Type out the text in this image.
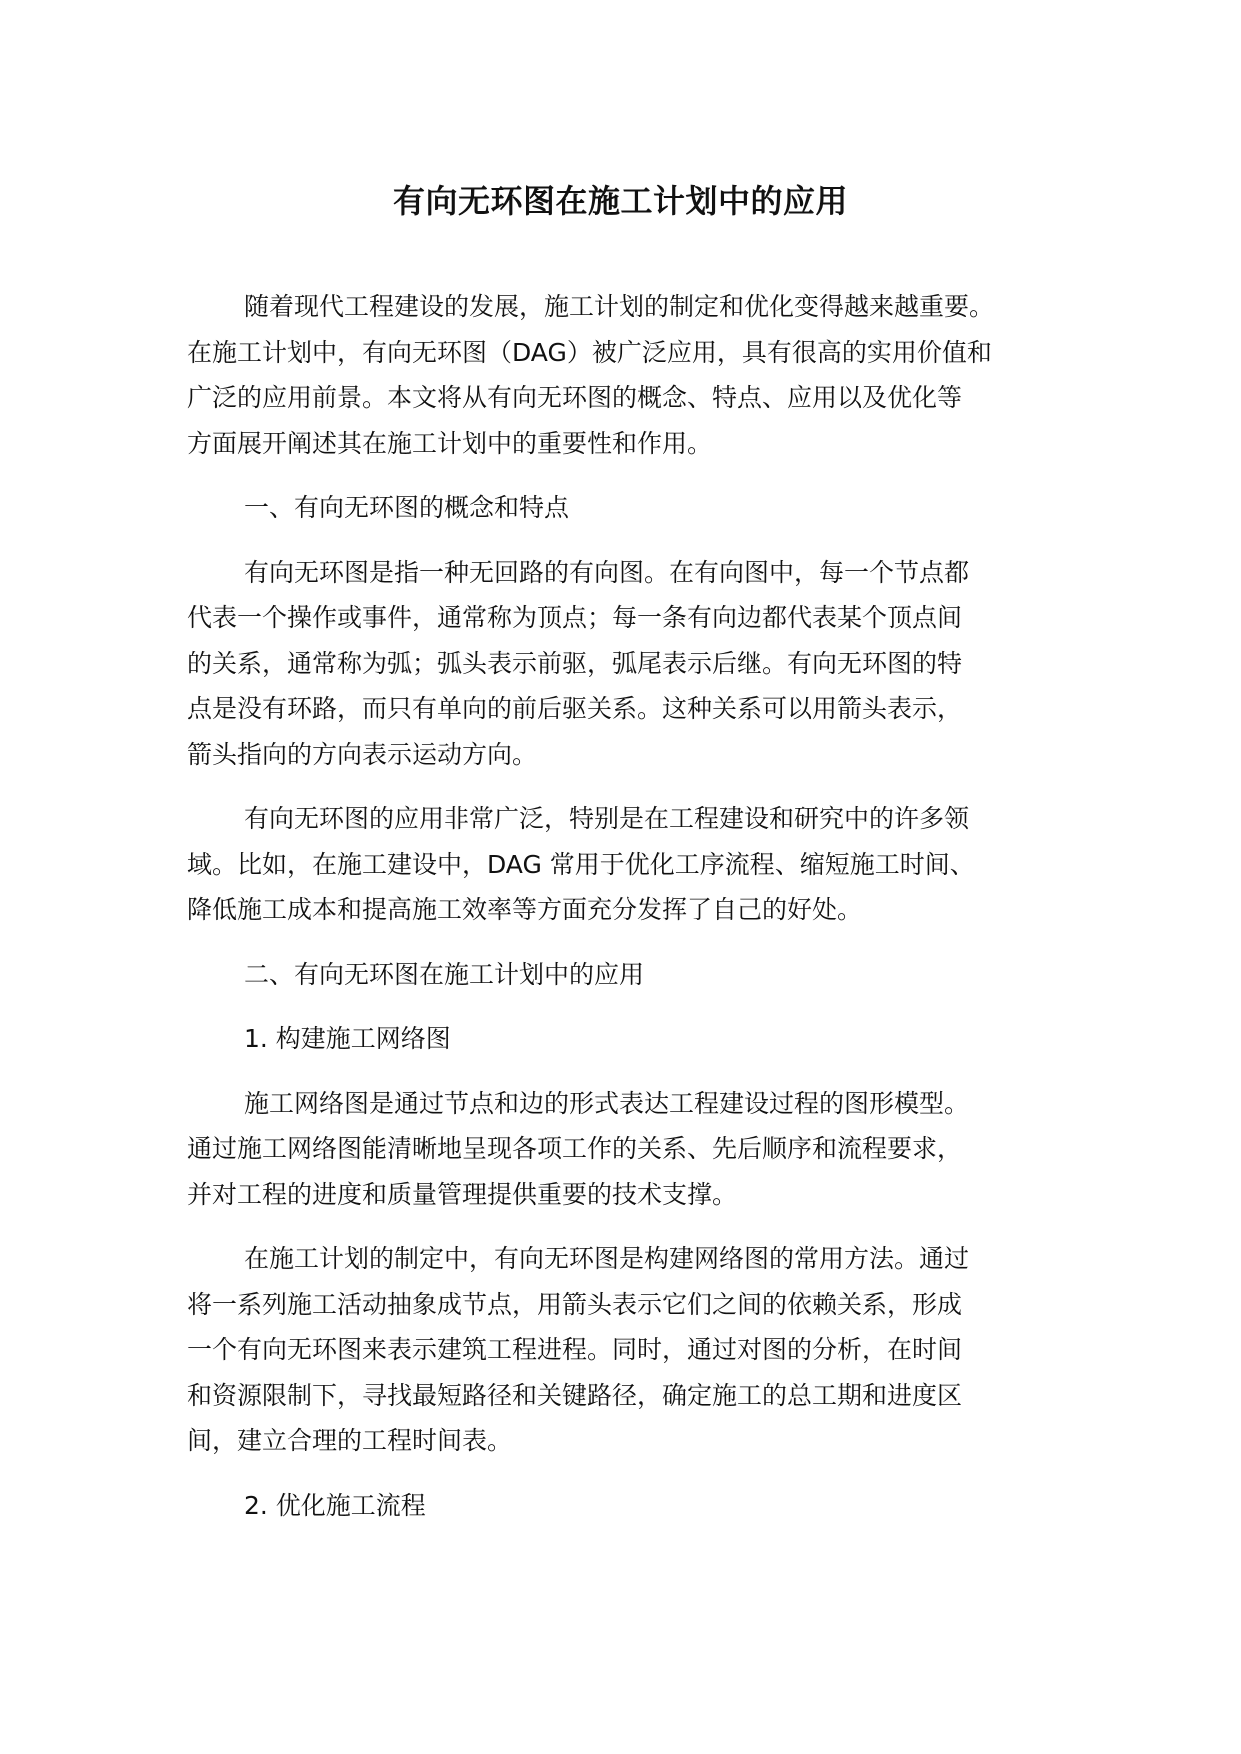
有向无环图在施工计划中的应用

随着现代工程建设的发展，施工计划的制定和优化变得越来越重要。
在施工计划中，有向无环图（DAG）被广泛应用，具有很高的实用价值和
广泛的应用前景。本文将从有向无环图的概念、特点、应用以及优化等
方面展开阐述其在施工计划中的重要性和作用。

一、有向无环图的概念和特点

有向无环图是指一种无回路的有向图。在有向图中，每一个节点都
代表一个操作或事件，通常称为顶点；每一条有向边都代表某个顶点间
的关系，通常称为弧；弧头表示前驱，弧尾表示后继。有向无环图的特
点是没有环路，而只有单向的前后驱关系。这种关系可以用箭头表示，
箭头指向的方向表示运动方向。

有向无环图的应用非常广泛，特别是在工程建设和研究中的许多领
域。比如，在施工建设中，DAG 常用于优化工序流程、缩短施工时间、
降低施工成本和提高施工效率等方面充分发挥了自己的好处。

二、有向无环图在施工计划中的应用

1. 构建施工网络图

施工网络图是通过节点和边的形式表达工程建设过程的图形模型。
通过施工网络图能清晰地呈现各项工作的关系、先后顺序和流程要求，
并对工程的进度和质量管理提供重要的技术支撑。

在施工计划的制定中，有向无环图是构建网络图的常用方法。通过
将一系列施工活动抽象成节点，用箭头表示它们之间的依赖关系，形成
一个有向无环图来表示建筑工程进程。同时，通过对图的分析，在时间
和资源限制下，寻找最短路径和关键路径，确定施工的总工期和进度区
间，建立合理的工程时间表。

2. 优化施工流程
